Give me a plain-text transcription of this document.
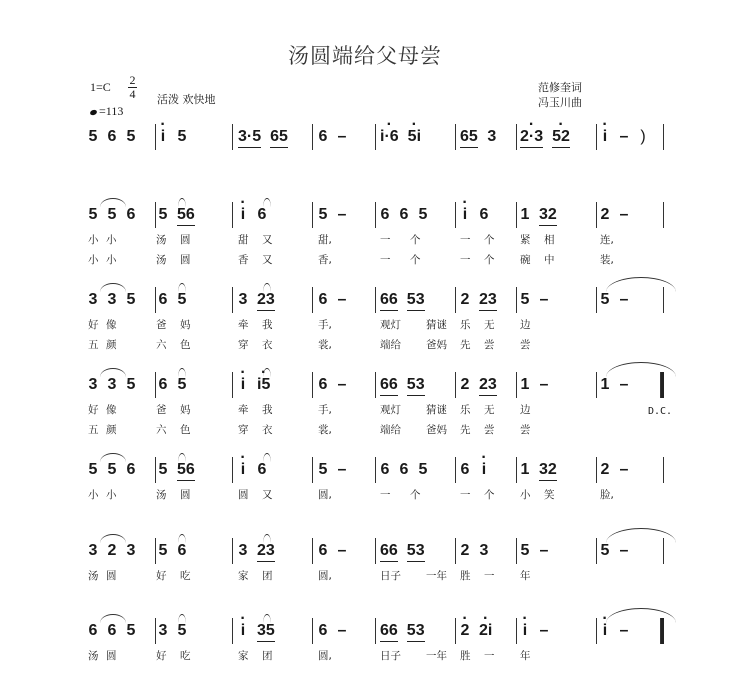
汤圆端给父母尝
1=C 2
4 活泼 欢快地
=113
范修奎词
冯玉川曲
5 6 5	· i 5	3·5 65	6 –	· i·6 · 5i	65 3	· 2·3 · 52	· i – )
5 5 6	5 56	· i 6	5 –	6 6 5	· i 6	1 32	2 –
小 小	汤 圆	甜 又	甜,	一 个	一 个 紧 相	连,
小 小	汤 圆	香 又	香,	一 个	一 个 碗 中	装,
3 3 5	6 5	3 23	6 –	66 53	2 23	5 –	5 –
好 像	爸 妈	牵 我	手,	观灯 猜谜 乐 无 边
五 颜	六 色	穿 衣	裳,	端给 爸妈 先 尝 尝
3 3 5	6 5	· i · i5	6 –	66 53	2 23	1 –	1 –
D.C.
好 像	爸 妈	牵 我	手,	观灯 猜谜 乐 无 边
五 颜	六 色	穿 衣	裳,	端给 爸妈 先 尝 尝
5 5 6	5 56	· i 6	5 –	6 6 5	6 · i	1 32	2 –
小 小	汤 圆	圆 又	圆,	一 个	一 个 小 笑	脸,
3 2 3	5 6	3 23	6 –	66 53	2 3	5 –	5 –
汤 圆	好 吃	家 团	圆,	日子 一年 胜 一 年
6 6 5	3 5	· i 35	6 –	66 53	· 2 · 2i	· i –	· i –
汤 圆	好 吃	家 团	圆,	日子 一年 胜 一 年
